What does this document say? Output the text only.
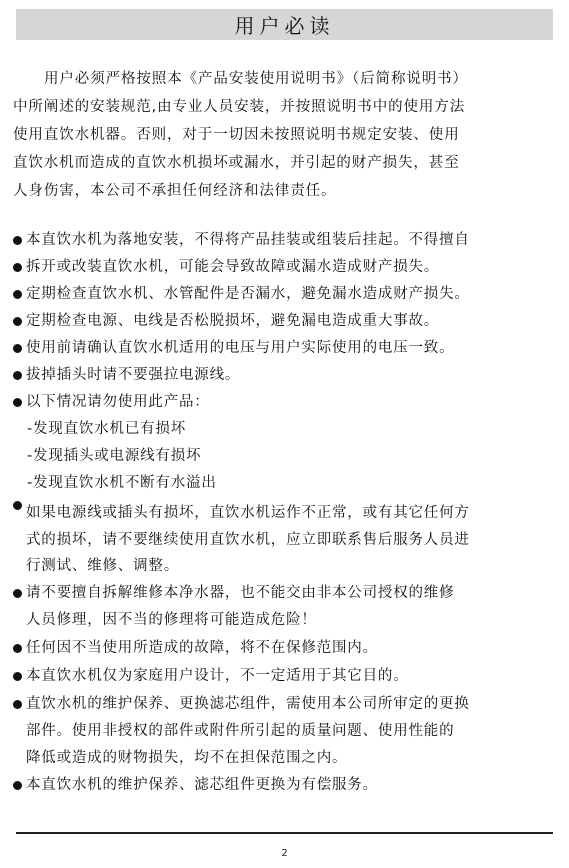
用户必读
用户必须严格按照本《产品安装使用说明书》（后简称说明书）
中所阐述的安装规范,由专业人员安装，并按照说明书中的使用方法
使用直饮水机器。否则，对于一切因未按照说明书规定安装、使用
直饮水机而造成的直饮水机损坏或漏水，并引起的财产损失，甚至
人身伤害，本公司不承担任何经济和法律责任。
本直饮水机为落地安装，不得将产品挂装或组装后挂起。不得擅自
拆开或改装直饮水机，可能会导致故障或漏水造成财产损失。
定期检查直饮水机、水管配件是否漏水，避免漏水造成财产损失。
定期检查电源、电线是否松脱损坏，避免漏电造成重大事故。
使用前请确认直饮水机适用的电压与用户实际使用的电压一致。
拔掉插头时请不要强拉电源线。
以下情况请勿使用此产品：
-发现直饮水机已有损坏
-发现插头或电源线有损坏
-发现直饮水机不断有水溢出
如果电源线或插头有损坏，直饮水机运作不正常，或有其它任何方
式的损坏，请不要继续使用直饮水机，应立即联系售后服务人员进
行测试、维修、调整。
请不要擅自拆解维修本净水器，也不能交由非本公司授权的维修
人员修理，因不当的修理将可能造成危险！
任何因不当使用所造成的故障，将不在保修范围内。
本直饮水机仅为家庭用户设计，不一定适用于其它目的。
直饮水机的维护保养、更换滤芯组件，需使用本公司所审定的更换
部件。使用非授权的部件或附件所引起的质量问题、使用性能的
降低或造成的财物损失，均不在担保范围之内。
本直饮水机的维护保养、滤芯组件更换为有偿服务。
2
